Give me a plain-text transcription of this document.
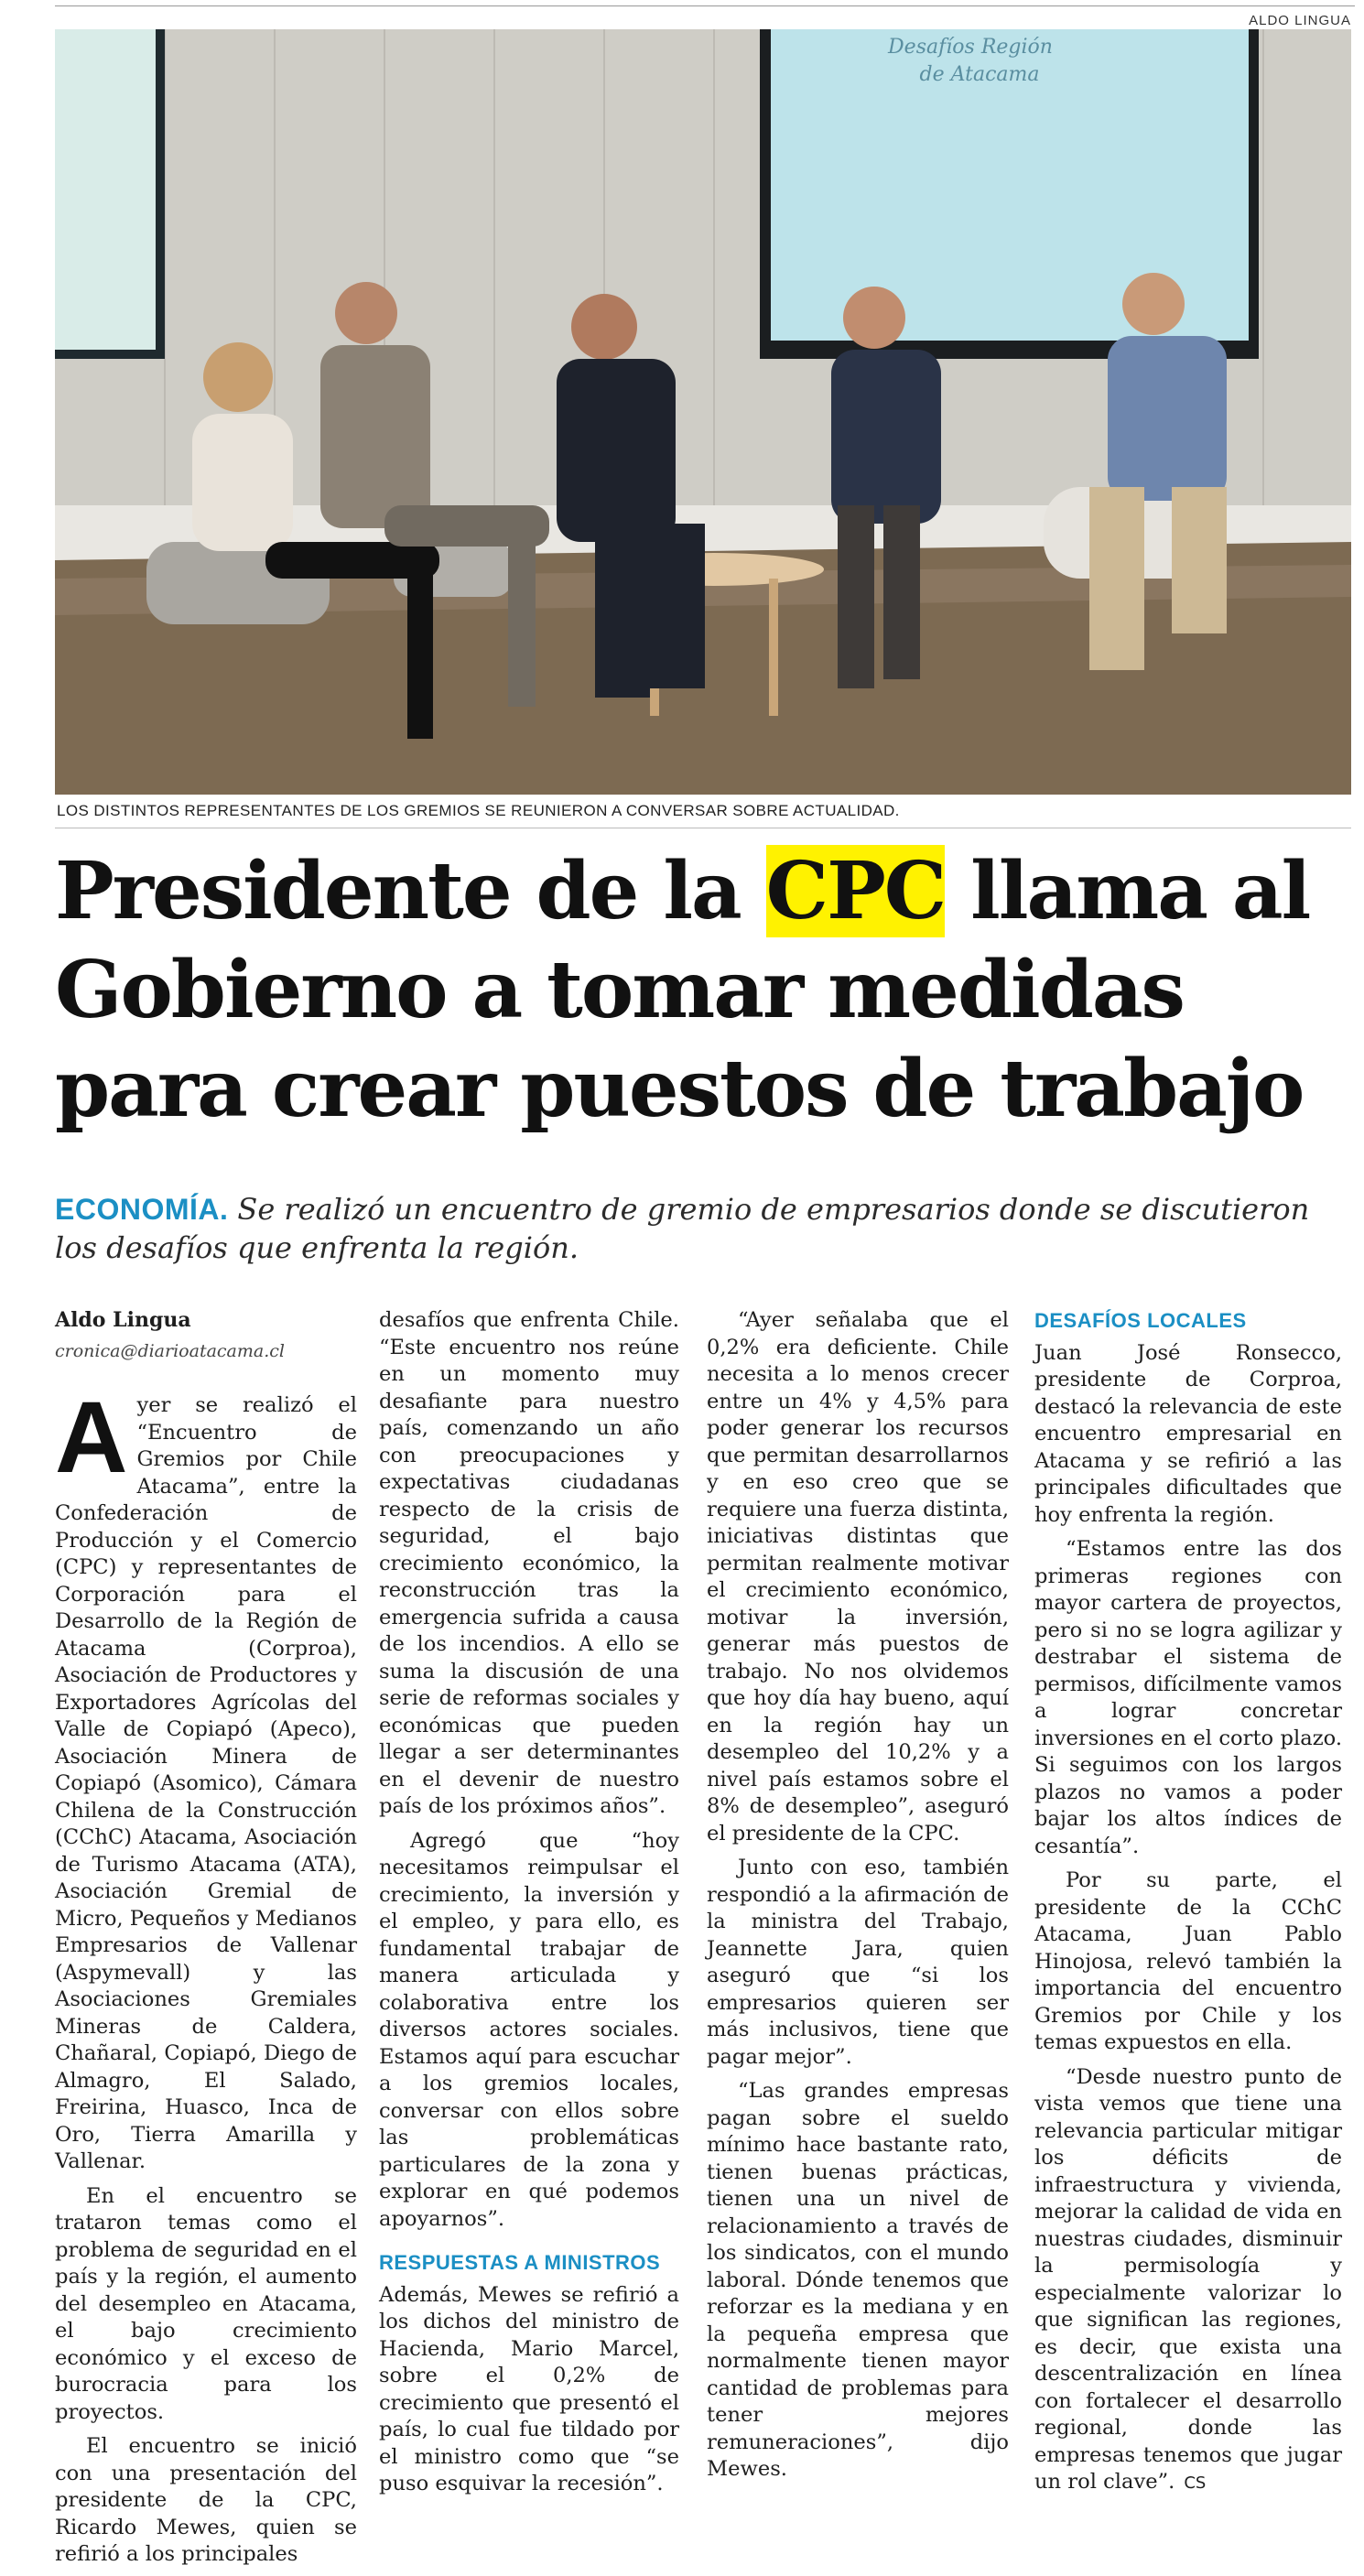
ALDO LINGUA
Desafíos Región
de Atacama
LOS DISTINTOS REPRESENTANTES DE LOS GREMIOS SE REUNIERON A CONVERSAR SOBRE ACTUALIDAD.
Presidente de la CPC llama al Gobierno a tomar medidas para crear puestos de trabajo
ECONOMÍA. Se realizó un encuentro de gremio de empresarios donde se discutieron los desafíos que enfrenta la región.
Aldo Lingua
cronica@diarioatacama.cl

Ayer se realizó el “Encuentro de Gremios por Chile Atacama”, entre la Confederación de Producción y el Comercio (CPC) y representantes de Corporación para el Desarrollo de la Región de Atacama (Corproa), Asociación de Productores y Exportadores Agrícolas del Valle de Copiapó (Apeco), Asociación Minera de Copiapó (Asomico), Cámara Chilena de la Construcción (CChC) Atacama, Asociación de Turismo Atacama (ATA), Asociación Gremial de Micro, Pequeños y Medianos Empresarios de Vallenar (Aspymevall) y las Asociaciones Gremiales Mineras de Caldera, Chañaral, Copiapó, Diego de Almagro, El Salado, Freirina, Huasco, Inca de Oro, Tierra Amarilla y Vallenar.

En el encuentro se trataron temas como el problema de seguridad en el país y la región, el aumento del desempleo en Atacama, el bajo crecimiento económico y el exceso de burocracia para los proyectos.

El encuentro se inició con una presentación del presidente de la CPC, Ricardo Mewes, quien se refirió a los principales

desafíos que enfrenta Chile. “Este encuentro nos reúne en un momento muy desafiante para nuestro país, comenzando un año con preocupaciones y expectativas ciudadanas respecto de la crisis de seguridad, el bajo crecimiento económico, la reconstrucción tras la emergencia sufrida a causa de los incendios. A ello se suma la discusión de una serie de reformas sociales y económicas que pueden llegar a ser determinantes en el devenir de nuestro país de los próximos años”.

Agregó que “hoy necesitamos reimpulsar el crecimiento, la inversión y el empleo, y para ello, es fundamental trabajar de manera articulada y colaborativa entre los diversos actores sociales. Estamos aquí para escuchar a los gremios locales, conversar con ellos sobre las problemáticas particulares de la zona y explorar en qué podemos apoyarnos”.

RESPUESTAS A MINISTROS

Además, Mewes se refirió a los dichos del ministro de Hacienda, Mario Marcel, sobre el 0,2% de crecimiento que presentó el país, lo cual fue tildado por el ministro como que “se puso esquivar la recesión”.

“Ayer señalaba que el 0,2% era deficiente. Chile necesita a lo menos crecer entre un 4% y 4,5% para poder generar los recursos que permitan desarrollarnos y en eso creo que se requiere una fuerza distinta, iniciativas distintas que permitan realmente motivar el crecimiento económico, motivar la inversión, generar más puestos de trabajo. No nos olvidemos que hoy día hay bueno, aquí en la región hay un desempleo del 10,2% y a nivel país estamos sobre el 8% de desempleo”, aseguró el presidente de la CPC.

Junto con eso, también respondió a la afirmación de la ministra del Trabajo, Jeannette Jara, quien aseguró que “si los empresarios quieren ser más inclusivos, tiene que pagar mejor”.

“Las grandes empresas pagan sobre el sueldo mínimo hace bastante rato, tienen buenas prácticas, tienen una un nivel de relacionamiento a través de los sindicatos, con el mundo laboral. Dónde tenemos que reforzar es la mediana y en la pequeña empresa que normalmente tienen mayor cantidad de problemas para tener mejores remuneraciones”, dijo Mewes.

DESAFÍOS LOCALES

Juan José Ronsecco, presidente de Corproa, destacó la relevancia de este encuentro empresarial en Atacama y se refirió a las principales dificultades que hoy enfrenta la región.

“Estamos entre las dos primeras regiones con mayor cartera de proyectos, pero si no se logra agilizar y destrabar el sistema de permisos, difícilmente vamos a lograr concretar inversiones en el corto plazo. Si seguimos con los largos plazos no vamos a poder bajar los altos índices de cesantía”.

Por su parte, el presidente de la CChC Atacama, Juan Pablo Hinojosa, relevó también la importancia del encuentro Gremios por Chile y los temas expuestos en ella.

“Desde nuestro punto de vista vemos que tiene una relevancia particular mitigar los déficits de infraestructura y vivienda, mejorar la calidad de vida en nuestras ciudades, disminuir la permisología y especialmente valorizar lo que significan las regiones, es decir, que exista una descentralización en línea con fortalecer el desarrollo regional, donde las empresas tenemos que jugar un rol clave”. CS
